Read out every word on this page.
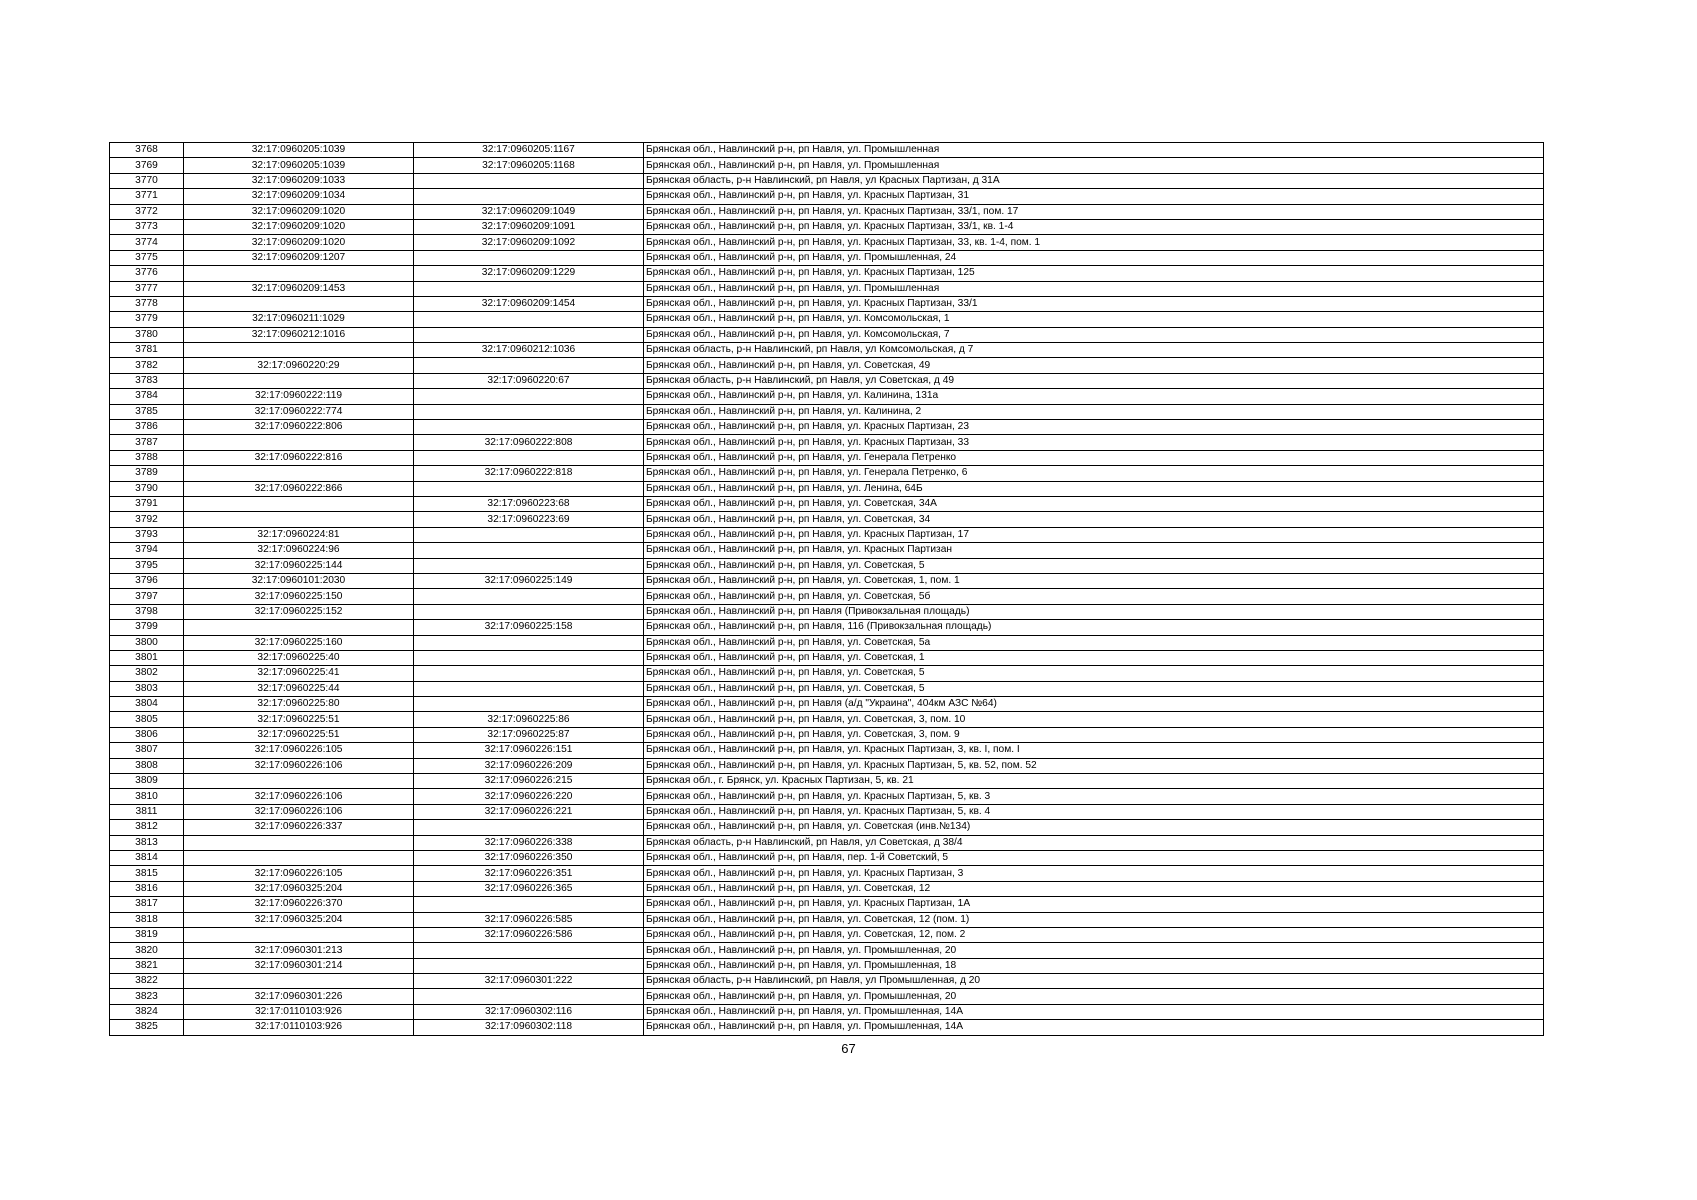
3768	32:17:0960205:1039	32:17:0960205:1167	Брянская обл., Навлинский р-н, рп Навля, ул. Промышленная
3769	32:17:0960205:1039	32:17:0960205:1168	Брянская обл., Навлинский р-н, рп Навля, ул. Промышленная
3770	32:17:0960209:1033		Брянская область, р-н Навлинский, рп Навля, ул Красных Партизан, д 31А
3771	32:17:0960209:1034		Брянская обл., Навлинский р-н, рп Навля, ул. Красных Партизан, 31
3772	32:17:0960209:1020	32:17:0960209:1049	Брянская обл., Навлинский р-н, рп Навля, ул. Красных Партизан, 33/1, пом. 17
3773	32:17:0960209:1020	32:17:0960209:1091	Брянская обл., Навлинский р-н, рп Навля, ул. Красных Партизан, 33/1, кв. 1-4
3774	32:17:0960209:1020	32:17:0960209:1092	Брянская обл., Навлинский р-н, рп Навля, ул. Красных Партизан, 33, кв. 1-4, пом. 1
3775	32:17:0960209:1207		Брянская обл., Навлинский р-н, рп Навля, ул. Промышленная, 24
3776		32:17:0960209:1229	Брянская обл., Навлинский р-н, рп Навля, ул. Красных Партизан, 125
3777	32:17:0960209:1453		Брянская обл., Навлинский р-н, рп Навля, ул. Промышленная
3778		32:17:0960209:1454	Брянская обл., Навлинский р-н, рп Навля, ул. Красных Партизан, 33/1
3779	32:17:0960211:1029		Брянская обл., Навлинский р-н, рп Навля, ул. Комсомольская, 1
3780	32:17:0960212:1016		Брянская обл., Навлинский р-н, рп Навля, ул. Комсомольская, 7
3781		32:17:0960212:1036	Брянская область, р-н Навлинский, рп Навля, ул Комсомольская, д 7
3782	32:17:0960220:29		Брянская обл., Навлинский р-н, рп Навля, ул. Советская, 49
3783		32:17:0960220:67	Брянская область, р-н Навлинский, рп Навля, ул Советская, д 49
3784	32:17:0960222:119		Брянская обл., Навлинский р-н, рп Навля, ул. Калинина, 131а
3785	32:17:0960222:774		Брянская обл., Навлинский р-н, рп Навля, ул. Калинина, 2
3786	32:17:0960222:806		Брянская обл., Навлинский р-н, рп Навля, ул. Красных Партизан, 23
3787		32:17:0960222:808	Брянская обл., Навлинский р-н, рп Навля, ул. Красных Партизан, 33
3788	32:17:0960222:816		Брянская обл., Навлинский р-н, рп Навля, ул. Генерала Петренко
3789		32:17:0960222:818	Брянская обл., Навлинский р-н, рп Навля, ул. Генерала Петренко, 6
3790	32:17:0960222:866		Брянская обл., Навлинский р-н, рп Навля, ул. Ленина, 64Б
3791		32:17:0960223:68	Брянская обл., Навлинский р-н, рп Навля, ул. Советская, 34А
3792		32:17:0960223:69	Брянская обл., Навлинский р-н, рп Навля, ул. Советская, 34
3793	32:17:0960224:81		Брянская обл., Навлинский р-н, рп Навля, ул. Красных Партизан, 17
3794	32:17:0960224:96		Брянская обл., Навлинский р-н, рп Навля, ул. Красных Партизан
3795	32:17:0960225:144		Брянская обл., Навлинский р-н, рп Навля, ул. Советская, 5
3796	32:17:0960101:2030	32:17:0960225:149	Брянская обл., Навлинский р-н, рп Навля, ул. Советская, 1, пом. 1
3797	32:17:0960225:150		Брянская обл., Навлинский р-н, рп Навля, ул. Советская, 5б
3798	32:17:0960225:152		Брянская обл., Навлинский р-н, рп Навля (Привокзальная площадь)
3799		32:17:0960225:158	Брянская обл., Навлинский р-н, рп Навля, 116 (Привокзальная площадь)
3800	32:17:0960225:160		Брянская обл., Навлинский р-н, рп Навля, ул. Советская, 5а
3801	32:17:0960225:40		Брянская обл., Навлинский р-н, рп Навля, ул. Советская, 1
3802	32:17:0960225:41		Брянская обл., Навлинский р-н, рп Навля, ул. Советская, 5
3803	32:17:0960225:44		Брянская обл., Навлинский р-н, рп Навля, ул. Советская, 5
3804	32:17:0960225:80		Брянская обл., Навлинский р-н, рп Навля (а/д "Украина", 404км АЗС №64)
3805	32:17:0960225:51	32:17:0960225:86	Брянская обл., Навлинский р-н, рп Навля, ул. Советская, 3, пом. 10
3806	32:17:0960225:51	32:17:0960225:87	Брянская обл., Навлинский р-н, рп Навля, ул. Советская, 3, пом. 9
3807	32:17:0960226:105	32:17:0960226:151	Брянская обл., Навлинский р-н, рп Навля, ул. Красных Партизан, 3, кв. I, пом. I
3808	32:17:0960226:106	32:17:0960226:209	Брянская обл., Навлинский р-н, рп Навля, ул. Красных Партизан, 5, кв. 52, пом. 52
3809		32:17:0960226:215	Брянская обл., г. Брянск, ул. Красных Партизан, 5, кв. 21
3810	32:17:0960226:106	32:17:0960226:220	Брянская обл., Навлинский р-н, рп Навля, ул. Красных Партизан, 5, кв. 3
3811	32:17:0960226:106	32:17:0960226:221	Брянская обл., Навлинский р-н, рп Навля, ул. Красных Партизан, 5, кв. 4
3812	32:17:0960226:337		Брянская обл., Навлинский р-н, рп Навля, ул. Советская (инв.№134)
3813		32:17:0960226:338	Брянская область, р-н Навлинский, рп Навля, ул Советская, д 38/4
3814		32:17:0960226:350	Брянская обл., Навлинский р-н, рп Навля, пер. 1-й Советский, 5
3815	32:17:0960226:105	32:17:0960226:351	Брянская обл., Навлинский р-н, рп Навля, ул. Красных Партизан, 3
3816	32:17:0960325:204	32:17:0960226:365	Брянская обл., Навлинский р-н, рп Навля, ул. Советская, 12
3817	32:17:0960226:370		Брянская обл., Навлинский р-н, рп Навля, ул. Красных Партизан, 1А
3818	32:17:0960325:204	32:17:0960226:585	Брянская обл., Навлинский р-н, рп Навля, ул. Советская, 12 (пом. 1)
3819		32:17:0960226:586	Брянская обл., Навлинский р-н, рп Навля, ул. Советская, 12, пом. 2
3820	32:17:0960301:213		Брянская обл., Навлинский р-н, рп Навля, ул. Промышленная, 20
3821	32:17:0960301:214		Брянская обл., Навлинский р-н, рп Навля, ул. Промышленная, 18
3822		32:17:0960301:222	Брянская область, р-н Навлинский, рп Навля, ул Промышленная, д 20
3823	32:17:0960301:226		Брянская обл., Навлинский р-н, рп Навля, ул. Промышленная, 20
3824	32:17:0110103:926	32:17:0960302:116	Брянская обл., Навлинский р-н, рп Навля, ул. Промышленная, 14А
3825	32:17:0110103:926	32:17:0960302:118	Брянская обл., Навлинский р-н, рп Навля, ул. Промышленная, 14А
67
